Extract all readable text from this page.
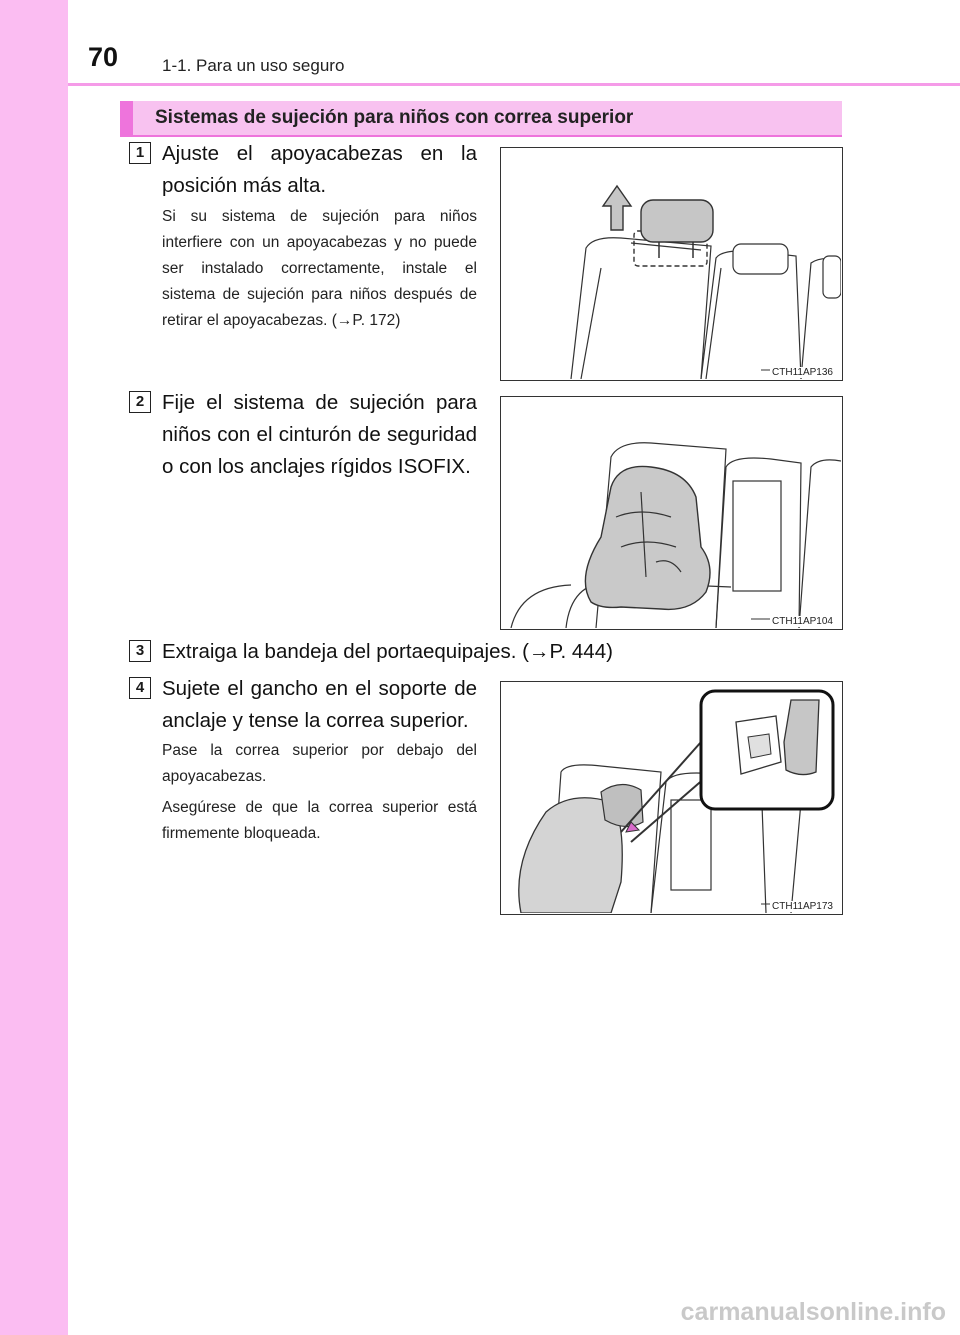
70	1-1. Para un uso seguro
Sistemas de sujeción para niños con correa superior
1 Ajuste el apoyacabezas en la posición más alta.
Si su sistema de sujeción para niños interfiere con un apoyacabezas y no puede ser instalado correctamente, instale el sistema de sujeción para niños después de retirar el apoyacabezas. (→P. 172)
CTH11AP136
2 Fije el sistema de sujeción para niños con el cinturón de seguridad o con los anclajes rígidos ISOFIX.
CTH11AP104
3 Extraiga la bandeja del portaequipajes. (→P. 444)
4 Sujete el gancho en el soporte de anclaje y tense la correa superior.
Pase la correa superior por debajo del apoyacabezas.
Asegúrese de que la correa superior está firmemente bloqueada.
CTH11AP173
carmanualsonline.info
